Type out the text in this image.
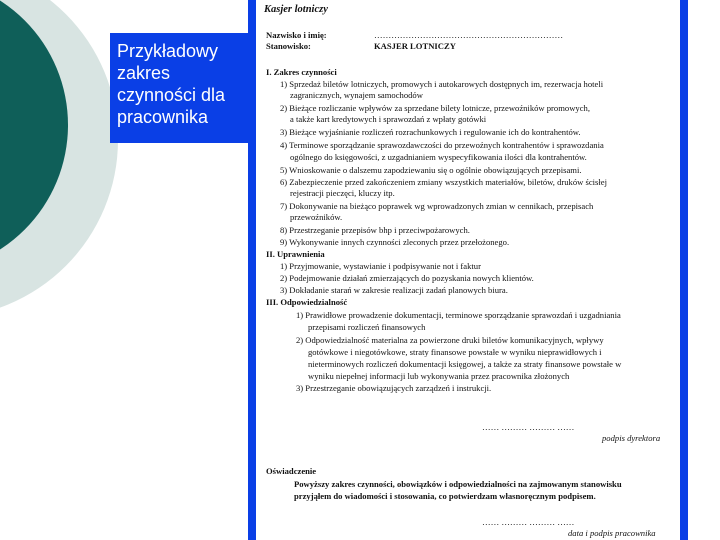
Przykładowy zakres czynności dla pracownika
Kasjer lotniczy
Nazwisko i imię:	…………………………………………………………
Stanowisko:	KASJER LOTNICZY
I. Zakres czynności
1) Sprzedaż biletów lotniczych, promowych i autokarowych dostępnych im, rezerwacja hoteli
zagranicznych, wynajem samochodów
2) Bieżące rozliczanie wpływów za sprzedane bilety lotnicze, przewoźników promowych,
a także kart kredytowych i sprawozdań z wpłaty gotówki
3) Bieżące wyjaśnianie rozliczeń rozrachunkowych i regulowanie ich do kontrahentów.
4) Terminowe sporządzanie sprawozdawczości do przewoźnych kontrahentów i sprawozdania
ogólnego do księgowości, z uzgadnianiem wyspecyfikowania ilości dla kontrahentów.
5) Wnioskowanie o dalszemu zapodziewaniu się o ogólnie obowiązujących przepisami.
6) Zabezpieczenie przed zakończeniem zmiany wszystkich materiałów, biletów, druków ścisłej
rejestracji pieczęci, kluczy itp.
7) Dokonywanie na bieżąco poprawek wg wprowadzonych zmian w cennikach, przepisach
przewoźników.
8) Przestrzeganie przepisów bhp i przeciwpożarowych.
9) Wykonywanie innych czynności zleconych przez przełożonego.
II. Uprawnienia
1) Przyjmowanie, wystawianie i podpisywanie not i faktur
2) Podejmowanie działań zmierzających do pozyskania nowych klientów.
3) Dokładanie starań w zakresie realizacji zadań planowych biura.
III. Odpowiedzialność
1) Prawidłowe prowadzenie dokumentacji, terminowe sporządzanie sprawozdań i uzgadniania
przepisami rozliczeń finansowych
2) Odpowiedzialność materialna za powierzone druki biletów komunikacyjnych, wpływy
gotówkowe i niegotówkowe, straty finansowe powstałe w wyniku nieprawidłowych i
nieterminowych rozliczeń dokumentacji księgowej, a także za straty finansowe powstałe w
wyniku niepełnej informacji lub wykonywania przez pracownika złożonych
3) Przestrzeganie obowiązujących zarządzeń i instrukcji.
…… ……… ……… ……
podpis dyrektora
Oświadczenie
Powyższy zakres czynności, obowiązków i odpowiedzialności na zajmowanym stanowisku
przyjąłem do wiadomości i stosowania, co potwierdzam własnoręcznym podpisem.
…… ……… ……… ……
data i podpis pracownika
